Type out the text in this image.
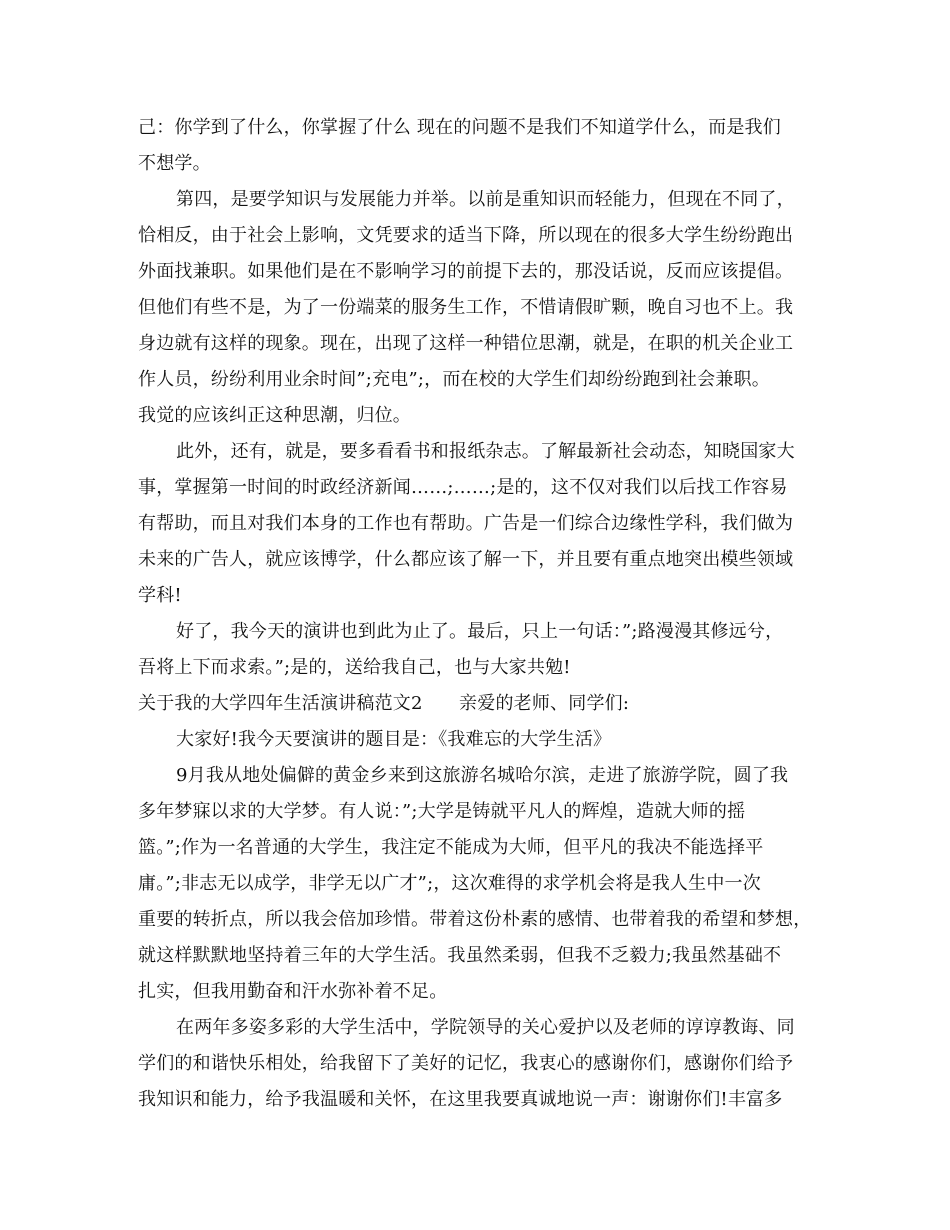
己：你学到了什么，你掌握了什么 现在的问题不是我们不知道学什么，而是我们
不想学。
第四，是要学知识与发展能力并举。以前是重知识而轻能力，但现在不同了，
恰相反，由于社会上影响，文凭要求的适当下降，所以现在的很多大学生纷纷跑出
外面找兼职。如果他们是在不影响学习的前提下去的，那没话说，反而应该提倡。
但他们有些不是，为了一份端菜的服务生工作，不惜请假旷颗，晚自习也不上。我
身边就有这样的现象。现在，出现了这样一种错位思潮，就是，在职的机关企业工
作人员，纷纷利用业余时间”;充电”;，而在校的大学生们却纷纷跑到社会兼职。
我觉的应该纠正这种思潮，归位。
此外，还有，就是，要多看看书和报纸杂志。了解最新社会动态，知晓国家大
事，掌握第一时间的时政经济新闻……;……;是的，这不仅对我们以后找工作容易
有帮助，而且对我们本身的工作也有帮助。广告是一们综合边缘性学科，我们做为
未来的广告人，就应该博学，什么都应该了解一下，并且要有重点地突出模些领域
学科!
好了，我今天的演讲也到此为止了。最后，只上一句话：”;路漫漫其修远兮，
吾将上下而求索。”;是的，送给我自己，也与大家共勉!
关于我的大学四年生活演讲稿范文2　　亲爱的老师、同学们:
大家好!我今天要演讲的题目是：《我难忘的大学生活》
9月我从地处偏僻的黄金乡来到这旅游名城哈尔滨，走进了旅游学院，圆了我
多年梦寐以求的大学梦。有人说：”;大学是铸就平凡人的辉煌，造就大师的摇
篮。”;作为一名普通的大学生，我注定不能成为大师，但平凡的我决不能选择平
庸。”;非志无以成学，非学无以广才”;，这次难得的求学机会将是我人生中一次
重要的转折点，所以我会倍加珍惜。带着这份朴素的感情、也带着我的希望和梦想，
就这样默默地坚持着三年的大学生活。我虽然柔弱，但我不乏毅力;我虽然基础不
扎实，但我用勤奋和汗水弥补着不足。
在两年多姿多彩的大学生活中，学院领导的关心爱护以及老师的谆谆教诲、同
学们的和谐快乐相处，给我留下了美好的记忆，我衷心的感谢你们，感谢你们给予
我知识和能力，给予我温暖和关怀，在这里我要真诚地说一声：谢谢你们!丰富多
